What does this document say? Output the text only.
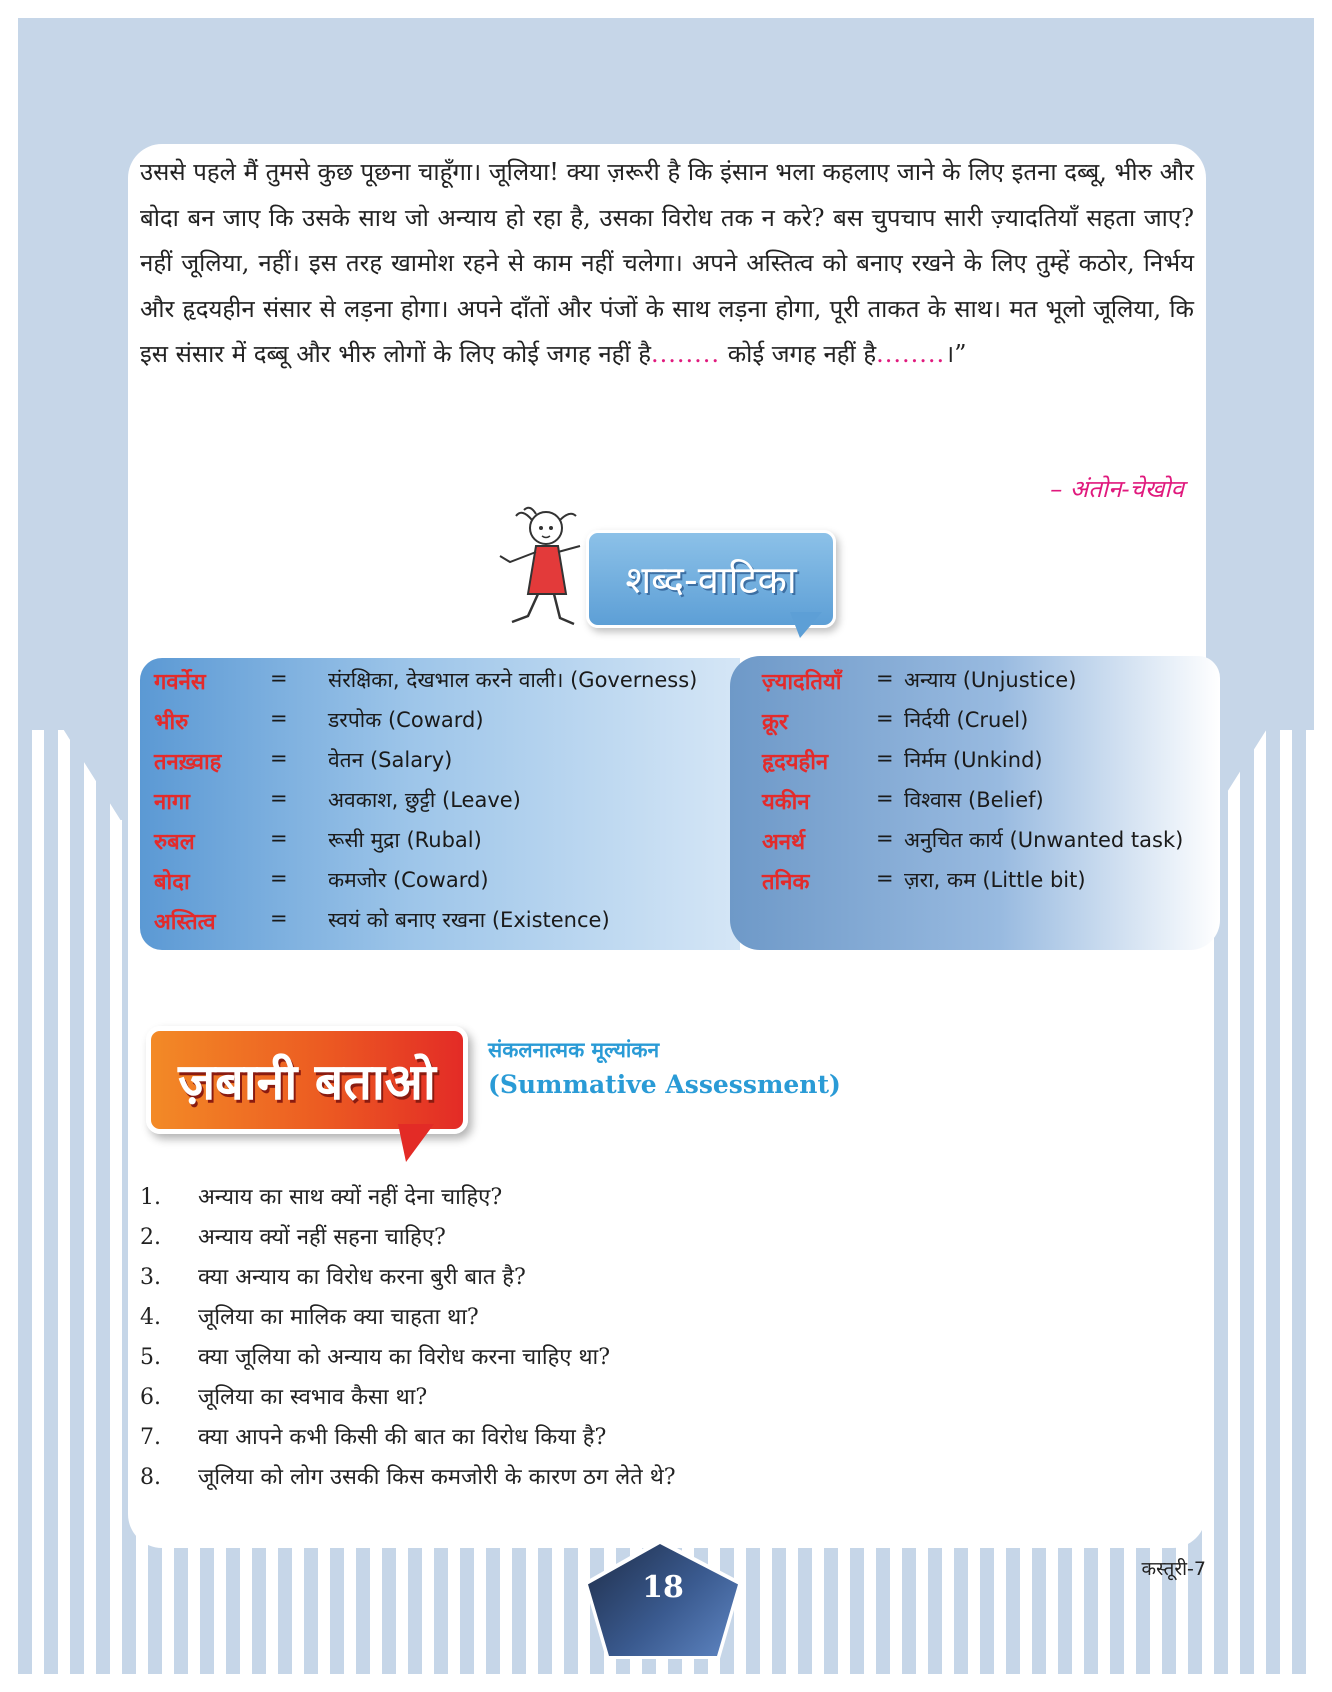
उससे पहले मैं तुमसे कुछ पूछना चाहूँगा। जूलिया! क्या ज़रूरी है कि इंसान भला कहलाए जाने के लिए इतना दब्बू, भीरु और बोदा बन जाए कि उसके साथ जो अन्याय हो रहा है, उसका विरोध तक न करे? बस चुपचाप सारी ज़्यादतियाँ सहता जाए? नहीं जूलिया, नहीं। इस तरह खामोश रहने से काम नहीं चलेगा। अपने अस्तित्व को बनाए रखने के लिए तुम्हें कठोर, निर्भय और हृदयहीन संसार से लड़ना होगा। अपने दाँतों और पंजों के साथ लड़ना होगा, पूरी ताकत के साथ। मत भूलो जूलिया, कि इस संसार में दब्बू और भीरु लोगों के लिए कोई जगह नहीं है........ कोई जगह नहीं है........।”

– अंतोन-चेखोव
शब्द-वाटिका
गवर्नेस	= संरक्षिका, देखभाल करने वाली। (Governess)
भीरु	= डरपोक (Coward)
तनख़्वाह = वेतन (Salary)
नागा	= अवकाश, छुट्टी (Leave)
रुबल	= रूसी मुद्रा (Rubal)
बोदा	= कमजोर (Coward)
अस्तित्व	= स्वयं को बनाए रखना (Existence)
ज़्यादतियाँ = अन्याय (Unjustice)
क्रूर	= निर्दयी (Cruel)
हृदयहीन = निर्मम (Unkind)
यकीन	= विश्वास (Belief)
अनर्थ	= अनुचित कार्य (Unwanted task)
तनिक	= ज़रा, कम (Little bit)
ज़बानी बताओ
संकलनात्मक मूल्यांकन
(Summative Assessment)
1. अन्याय का साथ क्यों नहीं देना चाहिए?
2. अन्याय क्यों नहीं सहना चाहिए?
3. क्या अन्याय का विरोध करना बुरी बात है?
4. जूलिया का मालिक क्या चाहता था?
5. क्या जूलिया को अन्याय का विरोध करना चाहिए था?
6. जूलिया का स्वभाव कैसा था?
7. क्या आपने कभी किसी की बात का विरोध किया है?
8. जूलिया को लोग उसकी किस कमजोरी के कारण ठग लेते थे?
18
कस्तूरी-7
